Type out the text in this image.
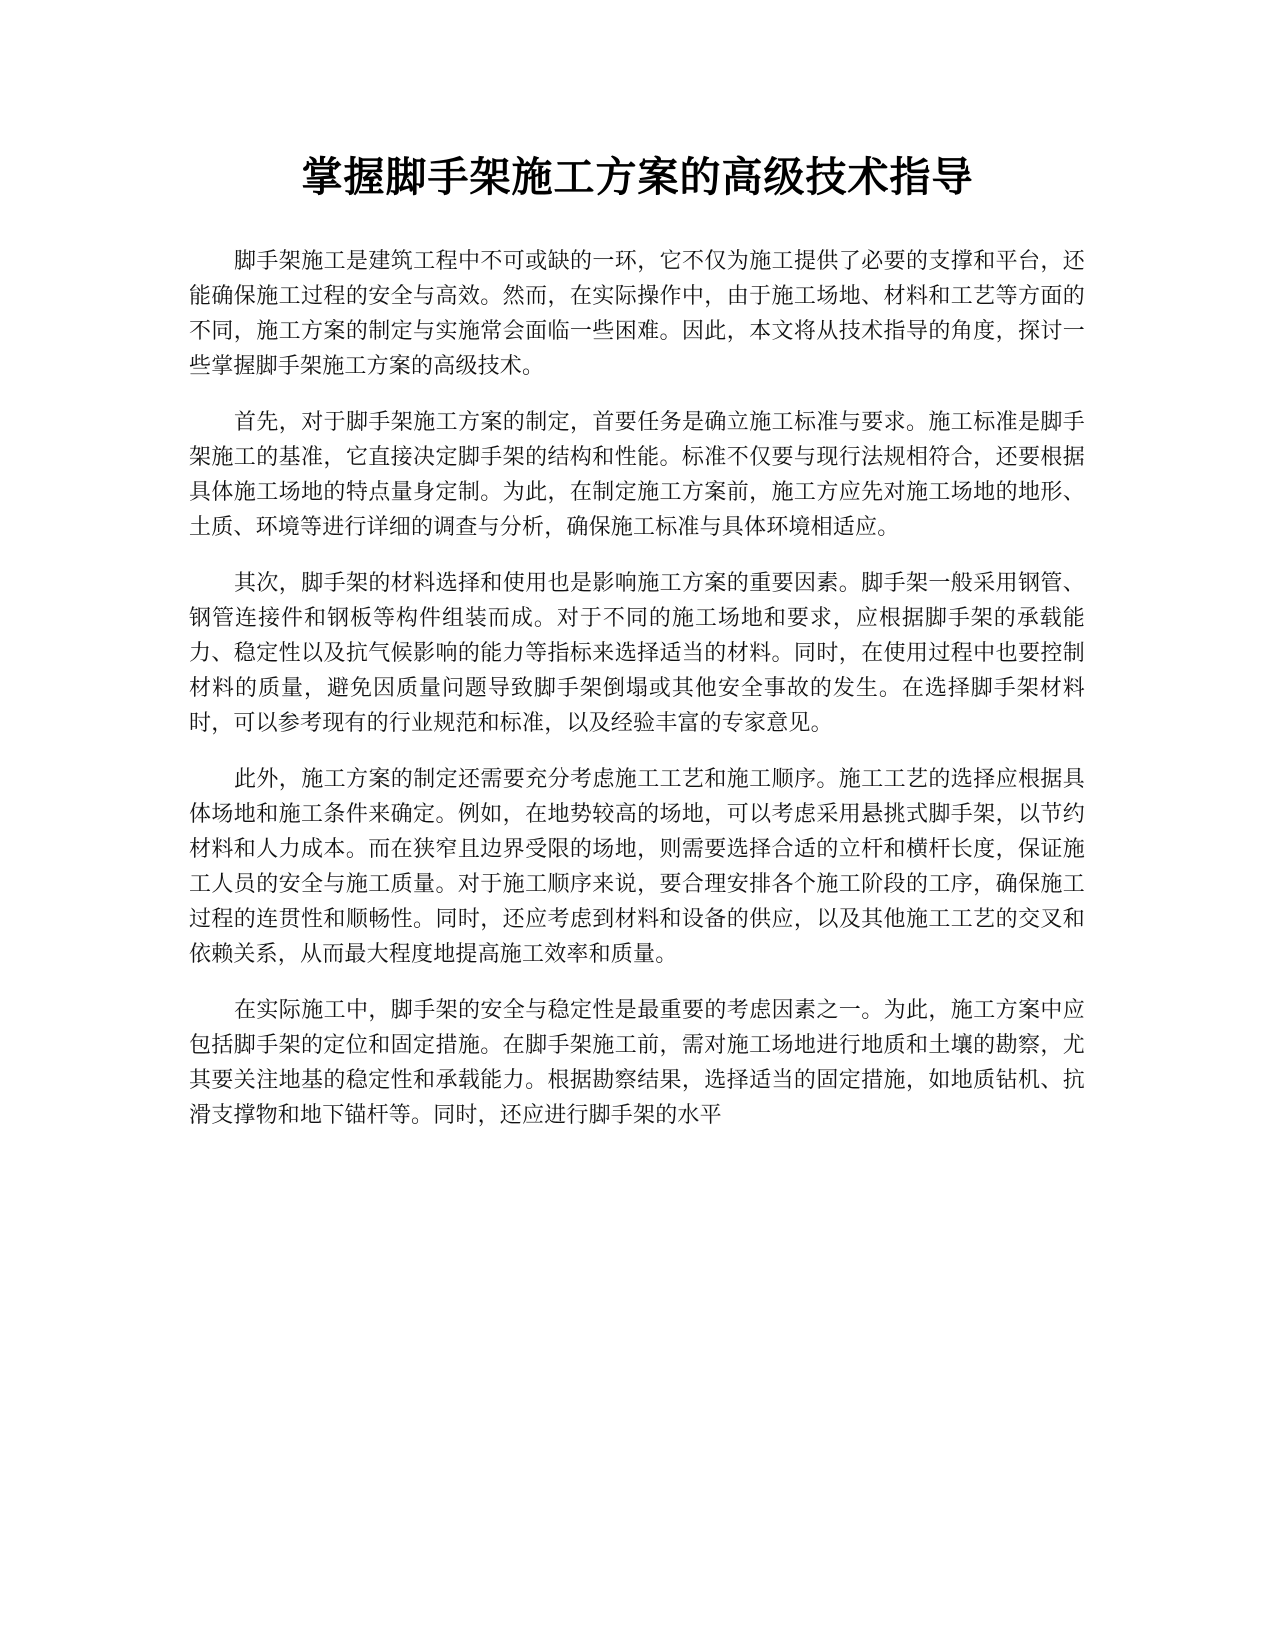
掌握脚手架施工方案的高级技术指导

脚手架施工是建筑工程中不可或缺的一环，它不仅为施工提供了必要的支撑和平台，还能确保施工过程的安全与高效。然而，在实际操作中，由于施工场地、材料和工艺等方面的不同，施工方案的制定与实施常会面临一些困难。因此，本文将从技术指导的角度，探讨一些掌握脚手架施工方案的高级技术。

首先，对于脚手架施工方案的制定，首要任务是确立施工标准与要求。施工标准是脚手架施工的基准，它直接决定脚手架的结构和性能。标准不仅要与现行法规相符合，还要根据具体施工场地的特点量身定制。为此，在制定施工方案前，施工方应先对施工场地的地形、土质、环境等进行详细的调查与分析，确保施工标准与具体环境相适应。

其次，脚手架的材料选择和使用也是影响施工方案的重要因素。脚手架一般采用钢管、钢管连接件和钢板等构件组装而成。对于不同的施工场地和要求，应根据脚手架的承载能力、稳定性以及抗气候影响的能力等指标来选择适当的材料。同时，在使用过程中也要控制材料的质量，避免因质量问题导致脚手架倒塌或其他安全事故的发生。在选择脚手架材料时，可以参考现有的行业规范和标准，以及经验丰富的专家意见。

此外，施工方案的制定还需要充分考虑施工工艺和施工顺序。施工工艺的选择应根据具体场地和施工条件来确定。例如，在地势较高的场地，可以考虑采用悬挑式脚手架，以节约材料和人力成本。而在狭窄且边界受限的场地，则需要选择合适的立杆和横杆长度，保证施工人员的安全与施工质量。对于施工顺序来说，要合理安排各个施工阶段的工序，确保施工过程的连贯性和顺畅性。同时，还应考虑到材料和设备的供应，以及其他施工工艺的交叉和依赖关系，从而最大程度地提高施工效率和质量。

在实际施工中，脚手架的安全与稳定性是最重要的考虑因素之一。为此，施工方案中应包括脚手架的定位和固定措施。在脚手架施工前，需对施工场地进行地质和土壤的勘察，尤其要关注地基的稳定性和承载能力。根据勘察结果，选择适当的固定措施，如地质钻机、抗滑支撑物和地下锚杆等。同时，还应进行脚手架的水平
